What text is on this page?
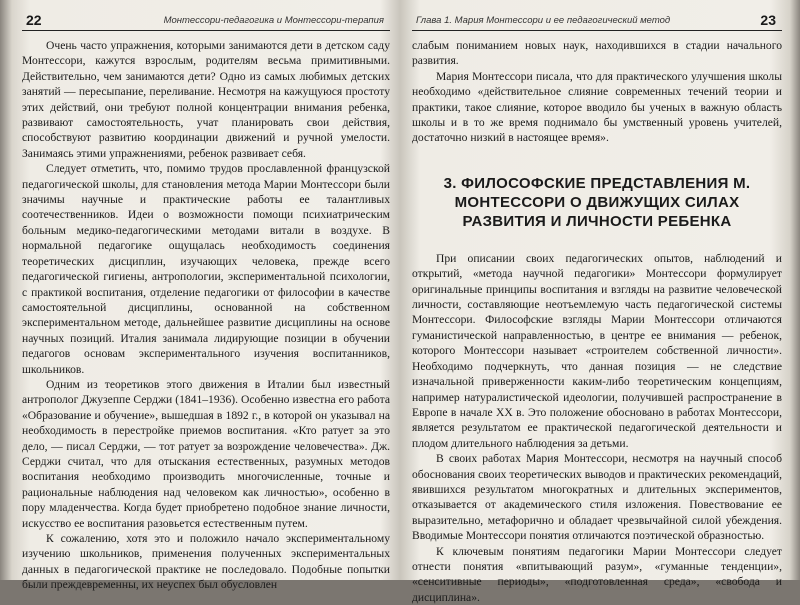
22	Монтессори-педагогика и Монтессори-терапия

Очень часто упражнения, которыми занимаются дети в детском саду Монтессори, кажутся взрослым, родителям весьма примитивными. Действительно, чем занимаются дети? Одно из самых любимых детских занятий — пересыпание, переливание. Несмотря на кажущуюся простоту этих действий, они требуют полной концентрации внимания ребенка, развивают самостоятельность, учат планировать свои действия, способствуют развитию координации движений и ручной умелости. Занимаясь этими упражнениями, ребенок развивает себя.

Следует отметить, что, помимо трудов прославленной французской педагогической школы, для становления метода Марии Монтессори были значимы научные и практические работы ее талантливых соотечественников. Идеи о возможности помощи психиатрическим больным медико-педагогическими методами витали в воздухе. В нормальной педагогике ощущалась необходимость соединения теоретических дисциплин, изучающих человека, прежде всего педагогической гигиены, антропологии, экспериментальной психологии, с практикой воспитания, отделение педагогики от философии в качестве самостоятельной дисциплины, основанной на собственном экспериментальном методе, дальнейшее развитие дисциплины на основе научных позиций. Италия занимала лидирующие позиции в обучении педагогов основам экспериментального изучения воспитанников, школьников.

Одним из теоретиков этого движения в Италии был известный антрополог Джузеппе Серджи (1841–1936). Особенно известна его работа «Образование и обучение», вышедшая в 1892 г., в которой он указывал на необходимость в перестройке приемов воспитания. «Кто ратует за это дело, — писал Серджи, — тот ратует за возрождение человечества». Дж. Серджи считал, что для отыскания естественных, разумных методов воспитания необходимо производить многочисленные, точные и рациональные наблюдения над человеком как личностью», особенно в пору младенчества. Когда будет приобретено подобное знание личности, искусство ее воспитания разовьется естественным путем.

К сожалению, хотя это и положило начало экспериментальному изучению школьников, применения полученных экспериментальных данных в педагогической практике не последовало. Подобные попытки были преждевременны, их неуспех был обусловлен

Глава 1. Мария Монтессори и ее педагогический метод	23

слабым пониманием новых наук, находившихся в стадии начального развития.

Мария Монтессори писала, что для практического улучшения школы необходимо «действительное слияние современных течений теории и практики, такое слияние, которое вводило бы ученых в важную область школы и в то же время поднимало бы умственный уровень учителей, достаточно низкий в настоящее время».

3. ФИЛОСОФСКИЕ ПРЕДСТАВЛЕНИЯ М. МОНТЕССОРИ О ДВИЖУЩИХ СИЛАХ РАЗВИТИЯ И ЛИЧНОСТИ РЕБЕНКА

При описании своих педагогических опытов, наблюдений и открытий, «метода научной педагогики» Монтессори формулирует оригинальные принципы воспитания и взгляды на развитие человеческой личности, составляющие неотъемлемую часть педагогической системы Монтессори. Философские взгляды Марии Монтессори отличаются гуманистической направленностью, в центре ее внимания — ребенок, которого Монтессори называет «строителем собственной личности». Необходимо подчеркнуть, что данная позиция — не следствие изначальной приверженности каким-либо теоретическим концепциям, например натуралистической идеологии, получившей распространение в Европе в начале XX в. Это положение обосновано в работах Монтессори, является результатом ее практической педагогической деятельности и плодом длительного наблюдения за детьми.

В своих работах Мария Монтессори, несмотря на научный способ обоснования своих теоретических выводов и практических рекомендаций, явившихся результатом многократных и длительных экспериментов, отказывается от академического стиля изложения. Повествование ее выразительно, метафорично и обладает чрезвычайной силой убеждения. Вводимые Монтессори понятия отличаются поэтической образностью.

К ключевым понятиям педагогики Марии Монтессори следует отнести понятия «впитывающий разум», «гуманные тенденции», «сенситивные периоды», «подготовленная среда», «свобода и дисциплина».
